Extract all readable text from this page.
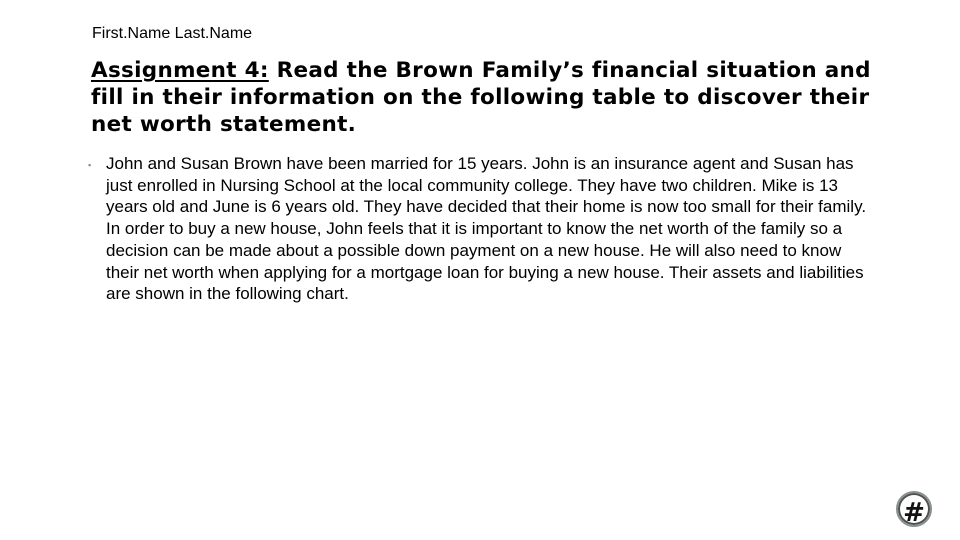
First.Name Last.Name
Assignment 4: Read the Brown Family’s financial situation and fill in their information on the following table to discover their net worth statement.
▪ John and Susan Brown have been married for 15 years. John is an insurance agent and Susan has just enrolled in Nursing School at the local community college. They have two children. Mike is 13 years old and June is 6 years old. They have decided that their home is now too small for their family. In order to buy a new house, John feels that it is important to know the net worth of the family so a decision can be made about a possible down payment on a new house. He will also need to know their net worth when applying for a mortgage loan for buying a new house. Their assets and liabilities are shown in the following chart.
#
